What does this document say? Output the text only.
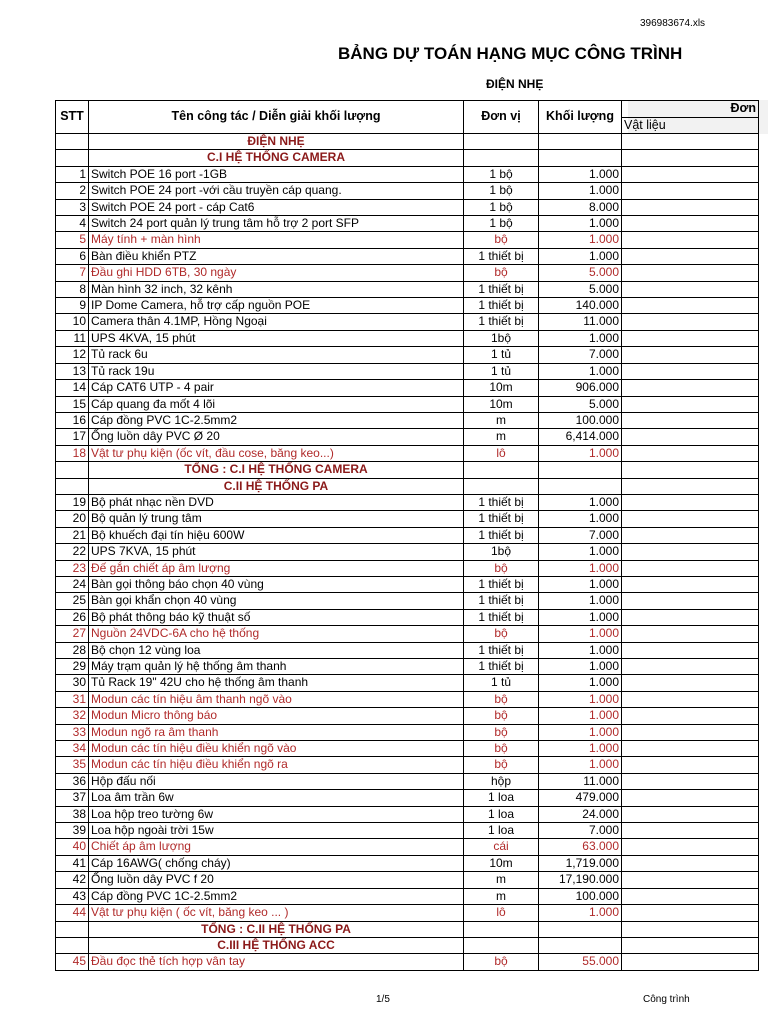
396983674.xls
BẢNG DỰ TOÁN HẠNG MỤC CÔNG TRÌNH
ĐIỆN NHẸ
STT	Tên công tác / Diễn giải khối lượng	Đơn vị	Khối lượng	Đơn
				Vật liệu
	ĐIỆN NHẸ			
	C.I HỆ THỐNG CAMERA			
1	Switch POE 16 port -1GB	1 bộ	1.000	
2	Switch POE 24 port -với cầu truyền cáp quang.	1 bộ	1.000	
3	Switch POE 24 port - cáp Cat6	1 bộ	8.000	
4	Switch 24 port quản lý trung tâm hỗ trợ 2 port SFP	1 bộ	1.000	
5	Máy tính + màn hình	bộ	1.000	
6	Bàn điều khiển PTZ	1 thiết bị	1.000	
7	Đầu ghi HDD 6TB, 30 ngày	bộ	5.000	
8	Màn hình 32 inch, 32 kênh	1 thiết bị	5.000	
9	IP Dome Camera, hỗ trợ cấp nguồn POE	1 thiết bị	140.000	
10	Camera thân 4.1MP, Hồng Ngoại	1 thiết bị	11.000	
11	UPS 4KVA, 15 phút	1bộ	1.000	
12	Tủ rack 6u	1 tủ	7.000	
13	Tủ rack 19u	1 tủ	1.000	
14	Cáp CAT6 UTP - 4 pair	10m	906.000	
15	Cáp quang đa mốt 4 lõi	10m	5.000	
16	Cáp đồng PVC 1C-2.5mm2	m	100.000	
17	Ống luồn dây PVC Ø 20	m	6,414.000	
18	Vật tư phụ kiện (ốc vít, đầu cose, băng keo...)	lô	1.000	
	TỔNG : C.I HỆ THỐNG CAMERA			
	C.II HỆ THỐNG PA			
19	Bộ phát nhạc nền DVD	1 thiết bị	1.000	
20	Bộ quản lý trung tâm	1 thiết bị	1.000	
21	Bộ khuếch đại tín hiệu 600W	1 thiết bị	7.000	
22	UPS 7KVA, 15 phút	1bộ	1.000	
23	Đế gắn chiết áp âm lượng	bộ	1.000	
24	Bàn gọi thông báo chọn 40 vùng	1 thiết bị	1.000	
25	Bàn gọi khẩn chọn 40 vùng	1 thiết bị	1.000	
26	Bộ phát thông báo kỹ thuật số	1 thiết bị	1.000	
27	Nguồn 24VDC-6A cho hệ thống	bộ	1.000	
28	Bộ chọn 12 vùng loa	1 thiết bị	1.000	
29	Máy trạm quản lý hệ thống âm thanh	1 thiết bị	1.000	
30	Tủ Rack 19" 42U cho hệ thống âm thanh	1 tủ	1.000	
31	Modun các tín hiệu âm thanh ngõ vào	bộ	1.000	
32	Modun Micro thông báo	bộ	1.000	
33	Modun ngõ ra âm thanh	bộ	1.000	
34	Modun các tín hiệu điều khiển ngõ vào	bộ	1.000	
35	Modun các tín hiệu điều khiển ngõ ra	bộ	1.000	
36	Hộp đấu nối	hộp	11.000	
37	Loa âm trần 6w	1 loa	479.000	
38	Loa hộp treo tường 6w	1 loa	24.000	
39	Loa hộp ngoài trời 15w	1 loa	7.000	
40	Chiết áp âm lượng	cái	63.000	
41	Cáp 16AWG( chống cháy)	10m	1,719.000	
42	Ống luồn dây PVC f 20	m	17,190.000	
43	Cáp đồng PVC 1C-2.5mm2	m	100.000	
44	Vật tư phụ kiện ( ốc vít, băng keo ... )	lô	1.000	
	TỔNG : C.II HỆ THỐNG PA			
	C.III HỆ THỐNG ACC			
45	Đầu đọc thẻ tích hợp vân tay	bộ	55.000	
1/5	Công trình
